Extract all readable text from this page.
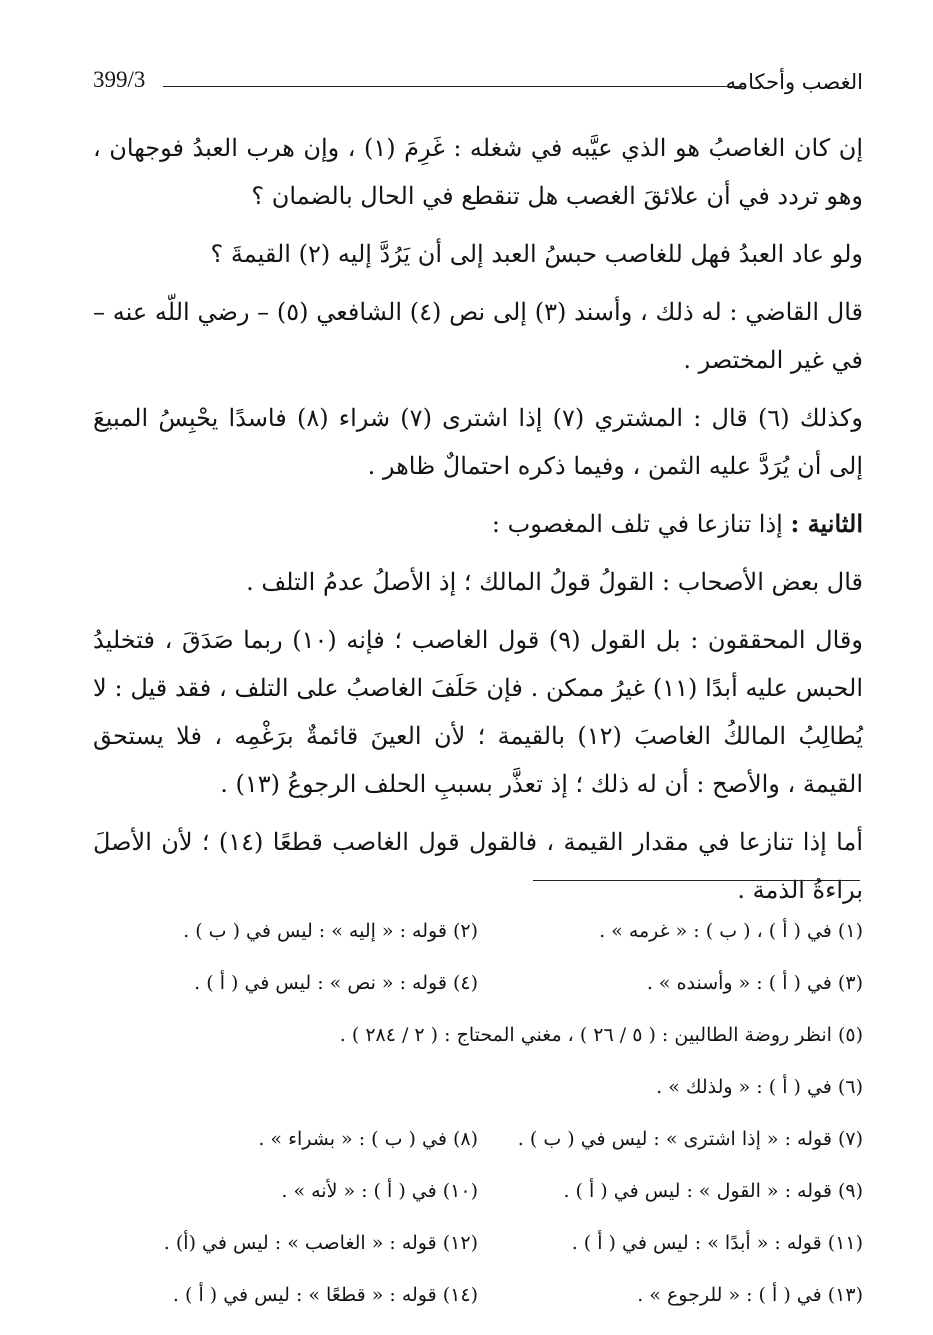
الغصب وأحكامه
399/3

إن كان الغاصبُ هو الذي عيَّبه في شغله : غَرِمَ (١) ، وإن هرب العبدُ فوجهان ، وهو تردد في أن علائقَ الغصب هل تنقطع في الحال بالضمان ؟

ولو عاد العبدُ فهل للغاصب حبسُ العبد إلى أن يَرُدَّ إليه (٢) القيمةَ ؟

قال القاضي : له ذلك ، وأسند (٣) إلى نص (٤) الشافعي (٥) – رضي اللّه عنه – في غير المختصر .

وكذلك (٦) قال : المشتري (٧) إذا اشترى (٧) شراء (٨) فاسدًا يحْبِسُ المبيعَ إلى أن يُرَدَّ عليه الثمن ، وفيما ذكره احتمالٌ ظاهر .

الثانية : إذا تنازعا في تلف المغصوب :

قال بعض الأصحاب : القولُ قولُ المالك ؛ إذ الأصلُ عدمُ التلف .

وقال المحققون : بل القول (٩) قول الغاصب ؛ فإنه (١٠) ربما صَدَقَ ، فتخليدُ الحبس عليه أبدًا (١١) غيرُ ممكن . فإن حَلَفَ الغاصبُ على التلف ، فقد قيل : لا يُطالِبُ المالكُ الغاصبَ (١٢) بالقيمة ؛ لأن العينَ قائمةٌ برَغْمِه ، فلا يستحق القيمة ، والأصح : أن له ذلك ؛ إذ تعذَّر بسببِ الحلف الرجوعُ (١٣) .

أما إذا تنازعا في مقدار القيمة ، فالقول قول الغاصب قطعًا (١٤) ؛ لأن الأصلَ براءةُ الذمة .

(١) في ( أ ) ، ( ب ) : « غرمه » .
(٢) قوله : « إليه » : ليس في ( ب ) .
(٣) في ( أ ) : « وأسنده » .
(٤) قوله : « نص » : ليس في ( أ ) .
(٥) انظر روضة الطالبين : ( ٥ / ٢٦ ) ، مغني المحتاج : ( ٢ / ٢٨٤ ) .
(٦) في ( أ ) : « ولذلك » .
(٧) قوله : « إذا اشترى » : ليس في ( ب ) .
(٨) في ( ب ) : « بشراء » .
(٩) قوله : « القول » : ليس في ( أ ) .
(١٠) في ( أ ) : « لأنه » .
(١١) قوله : « أبدًا » : ليس في ( أ ) .
(١٢) قوله : « الغاصب » : ليس في (أ) .
(١٣) في ( أ ) : « للرجوع » .
(١٤) قوله : « قطعًا » : ليس في ( أ ) .
